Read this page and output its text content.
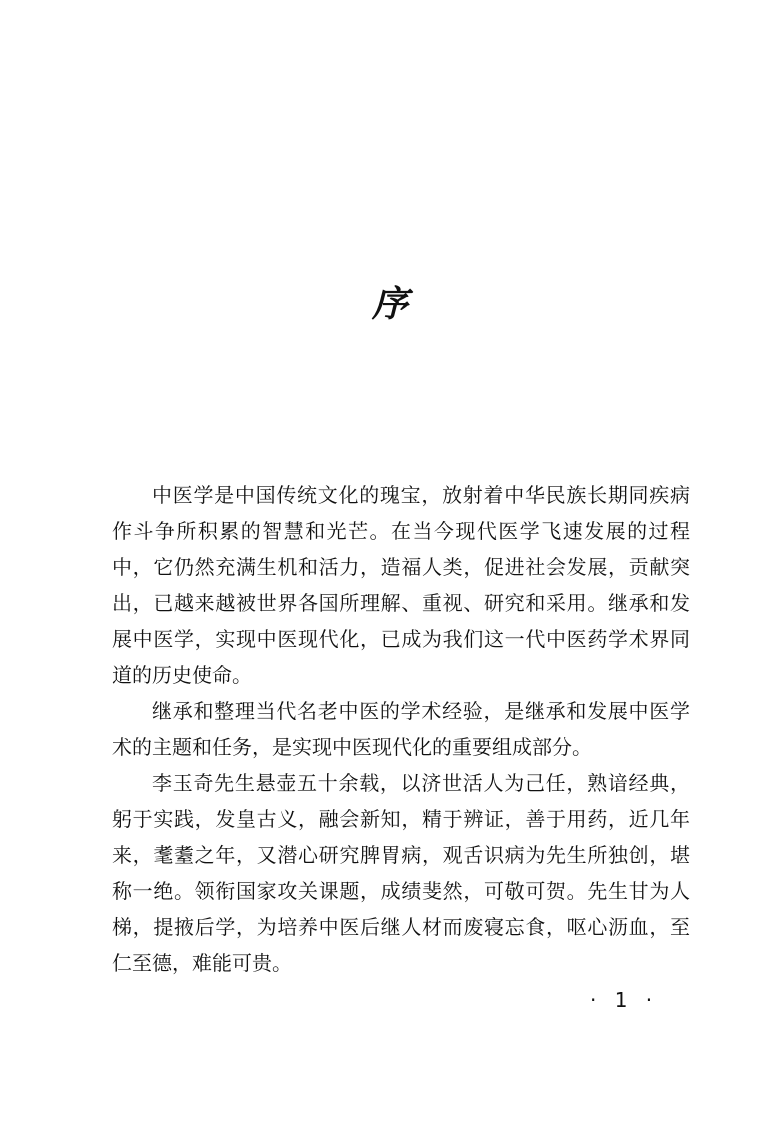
序
中医学是中国传统文化的瑰宝，放射着中华民族长期同疾病
作斗争所积累的智慧和光芒。在当今现代医学飞速发展的过程
中，它仍然充满生机和活力，造福人类，促进社会发展，贡献突
出，已越来越被世界各国所理解、重视、研究和采用。继承和发
展中医学，实现中医现代化，已成为我们这一代中医药学术界同
道的历史使命。
继承和整理当代名老中医的学术经验，是继承和发展中医学
术的主题和任务，是实现中医现代化的重要组成部分。
李玉奇先生悬壶五十余载，以济世活人为己任，熟谙经典，
躬于实践，发皇古义，融会新知，精于辨证，善于用药，近几年
来，耄耋之年，又潜心研究脾胃病，观舌识病为先生所独创，堪
称一绝。领衔国家攻关课题，成绩斐然，可敬可贺。先生甘为人
梯，提掖后学，为培养中医后继人材而废寝忘食，呕心沥血，至
仁至德，难能可贵。
· 1 ·
